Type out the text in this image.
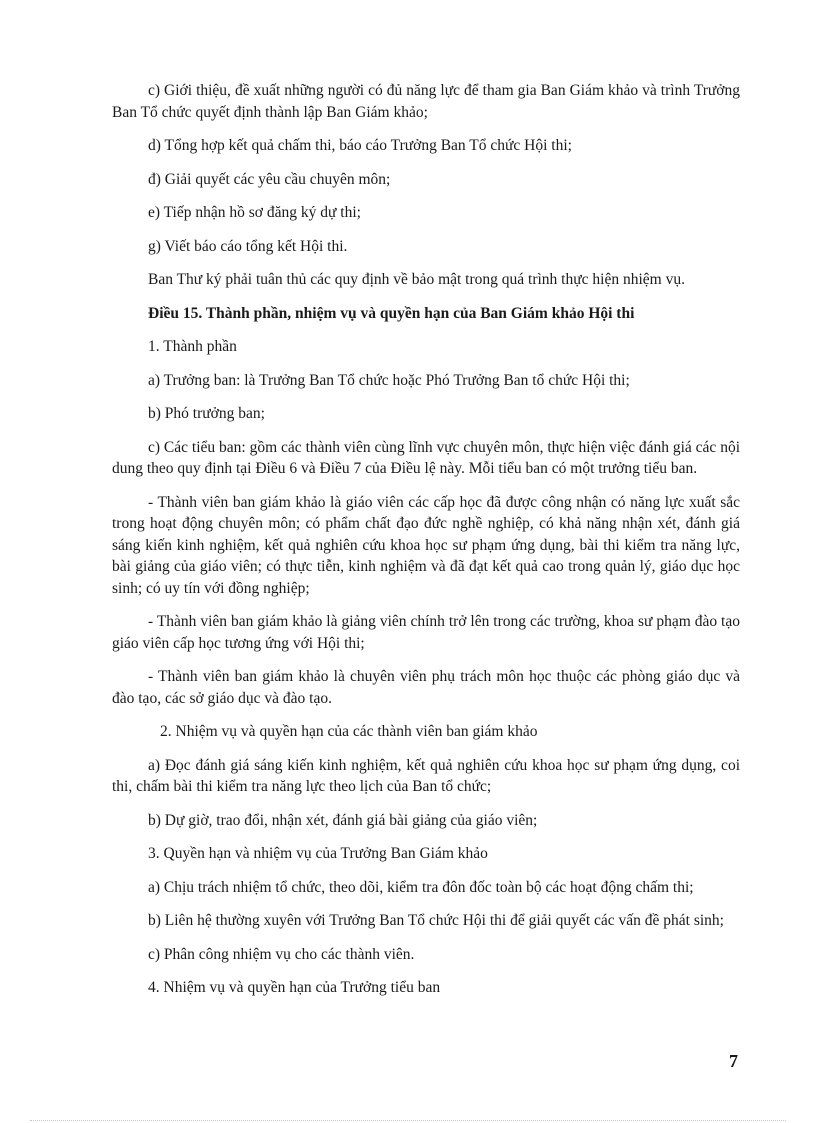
c) Giới thiệu, đề xuất những người có đủ năng lực để tham gia Ban Giám khảo và trình Trưởng Ban Tổ chức quyết định thành lập Ban Giám khảo;

d) Tổng hợp kết quả chấm thi, báo cáo Trưởng Ban Tổ chức Hội thi;

đ) Giải quyết các yêu cầu chuyên môn;

e) Tiếp nhận hồ sơ đăng ký dự thi;

g) Viết báo cáo tổng kết Hội thi.

Ban Thư ký phải tuân thủ các quy định về bảo mật trong quá trình thực hiện nhiệm vụ.

Điều 15. Thành phần, nhiệm vụ và quyền hạn của Ban Giám khảo Hội thi

1. Thành phần

a) Trưởng ban: là Trưởng Ban Tổ chức hoặc Phó Trưởng Ban tổ chức Hội thi;

b) Phó trưởng ban;

c) Các tiểu ban: gồm các thành viên cùng lĩnh vực chuyên môn, thực hiện việc đánh giá các nội dung theo quy định tại Điều 6 và Điều 7 của Điều lệ này. Mỗi tiểu ban có một trưởng tiểu ban.

- Thành viên ban giám khảo là giáo viên các cấp học đã được công nhận có năng lực xuất sắc trong hoạt động chuyên môn; có phẩm chất đạo đức nghề nghiệp, có khả năng nhận xét, đánh giá sáng kiến kinh nghiệm, kết quả nghiên cứu khoa học sư phạm ứng dụng, bài thi kiểm tra năng lực, bài giảng của giáo viên; có thực tiễn, kinh nghiệm và đã đạt kết quả cao trong quản lý, giáo dục học sinh; có uy tín với đồng nghiệp;

- Thành viên ban giám khảo là giảng viên chính trở lên trong các trường, khoa sư phạm đào tạo giáo viên cấp học tương ứng với Hội thi;

- Thành viên ban giám khảo là chuyên viên phụ trách môn học thuộc các phòng giáo dục và đào tạo, các sở giáo dục và đào tạo.

2. Nhiệm vụ và quyền hạn của các thành viên ban giám khảo

a) Đọc đánh giá sáng kiến kinh nghiệm, kết quả nghiên cứu khoa học sư phạm ứng dụng, coi thi, chấm bài thi kiểm tra năng lực theo lịch của Ban tổ chức;

b) Dự giờ, trao đổi, nhận xét, đánh giá bài giảng của giáo viên;

3. Quyền hạn và nhiệm vụ của Trưởng Ban Giám khảo

a) Chịu trách nhiệm tổ chức, theo dõi, kiểm tra đôn đốc toàn bộ các hoạt động chấm thi;

b) Liên hệ thường xuyên với Trưởng Ban Tổ chức Hội thi để giải quyết các vấn đề phát sinh;

c) Phân công nhiệm vụ cho các thành viên.

4. Nhiệm vụ và quyền hạn của Trưởng tiểu ban

7
